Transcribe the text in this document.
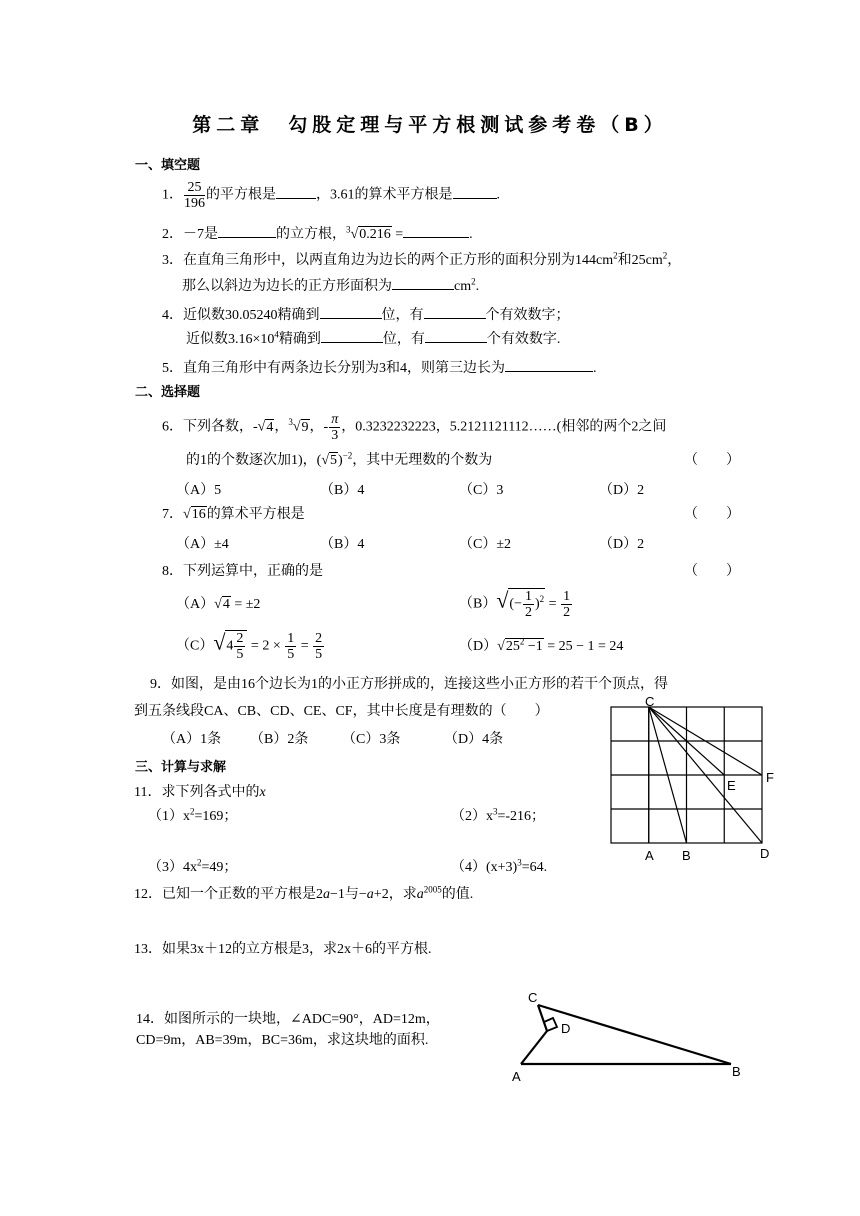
第二章　勾股定理与平方根测试参考卷（B）
一、填空题
1． $\frac{25}{196}$ 的平方根是	，3.61的算术平方根是	.
2．－7是	的立方根，$^3$√0.216 =	.
3．在直角三角形中，以两直角边为边长的两个正方形的面积分别为$144cm^2$和$25cm^2$，
那么以斜边为边长的正方形面积为	$cm^2$.
4．近似数30.05240精确到	位，有	个有效数字；
近似数$3.16\times 10^4$精确到	位，有	个有效数字.
5．直角三角形中有两条边长分别为3和4，则第三边长为	.
二、选择题
6．下列各数，-√4，$^3$√9，- $\frac{\pi}{3}$ ，0.3232232223，5.2121121112……(相邻的两个2之间
的1的个数逐次加1)，$(√5)^{-2}$，其中无理数的个数为	（　　）
（A）5	（B）4	（C）3	（D）2
7．√16的算术平方根是	（　　）
（A）±4	（B）4	（C）±2	（D）2
8．下列运算中，正确的是	（　　）
（A）√4 = ±2	$(B)√(- \frac{1}{2} )^2 = \frac{1}{2}$
$(C)√4 \frac{2}{5} = 2 \times \frac{1}{5} = \frac{2}{5}$	$(D)√25^2 -1 = 25 - 1 = 24$
9．如图，是由16个边长为1的小正方形拼成的，连接这些小正方形的若干个顶点，得
到五条线段CA、CB、CD、CE、CF，其中长度是有理数的（　　）
（A）1条 （B）2条 （C）3条	（D）4条
三、计算与求解
11．求下列各式中的x
$(1)x^2=169$；	$(2)x^3=-216$；
$(3)4x^2=49$；	$(4)(x+3)^3=64$.
12．已知一个正数的平方根是2a−1与−a+2，求$a^{2005}$的值.
13．如果3x＋12的立方根是3，求2x＋6的平方根.
14．如图所示的一块地，∠ADC=90°，AD=12m，
CD=9m，AB=39m，BC=36m，求这块地的面积.
C
A B	D
E
F
C
D
A	B
